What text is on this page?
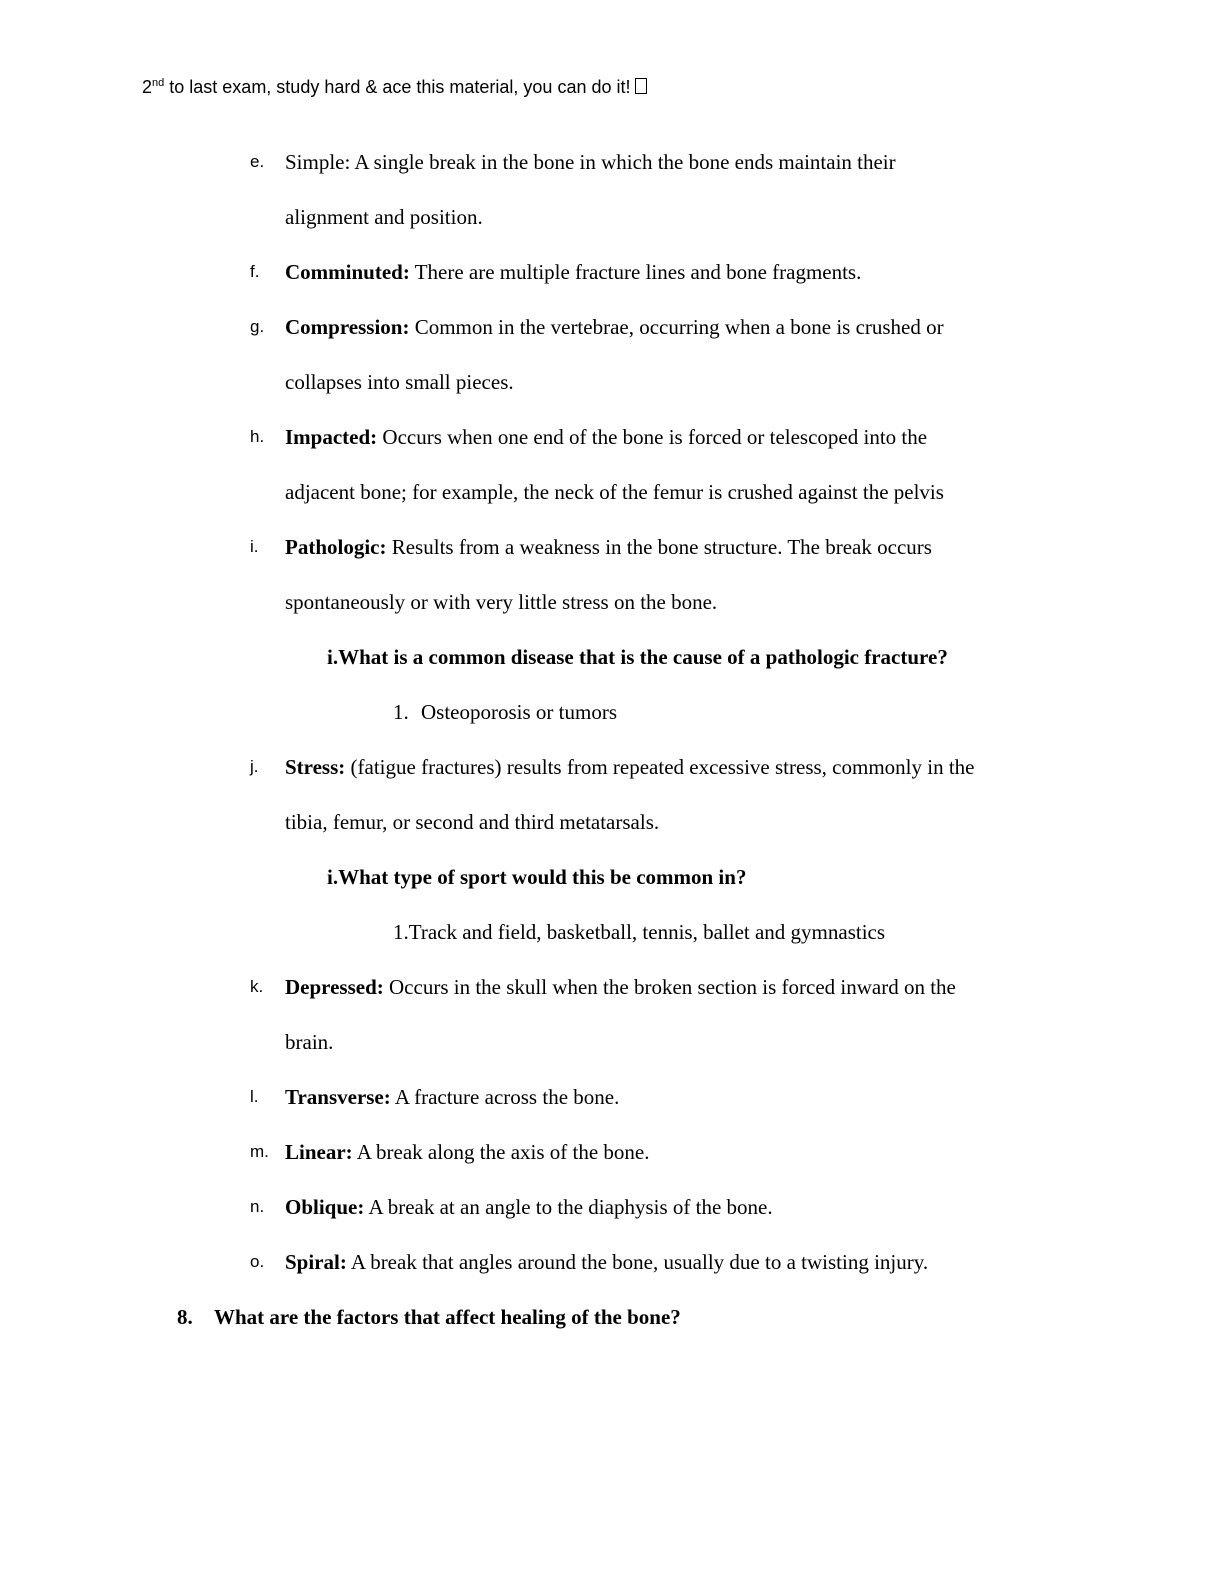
2nd to last exam, study hard & ace this material, you can do it!
e. Simple: A single break in the bone in which the bone ends maintain their
alignment and position.
f. Comminuted: There are multiple fracture lines and bone fragments.
g. Compression: Common in the vertebrae, occurring when a bone is crushed or
collapses into small pieces.
h. Impacted: Occurs when one end of the bone is forced or telescoped into the
adjacent bone; for example, the neck of the femur is crushed against the pelvis
i. Pathologic: Results from a weakness in the bone structure. The break occurs
spontaneously or with very little stress on the bone.
i.What is a common disease that is the cause of a pathologic fracture?
1. Osteoporosis or tumors
j. Stress: (fatigue fractures) results from repeated excessive stress, commonly in the
tibia, femur, or second and third metatarsals.
i.What type of sport would this be common in?
1.Track and field, basketball, tennis, ballet and gymnastics
k. Depressed: Occurs in the skull when the broken section is forced inward on the
brain.
l. Transverse: A fracture across the bone.
m. Linear: A break along the axis of the bone.
n. Oblique: A break at an angle to the diaphysis of the bone.
o. Spiral: A break that angles around the bone, usually due to a twisting injury.
8. What are the factors that affect healing of the bone?
